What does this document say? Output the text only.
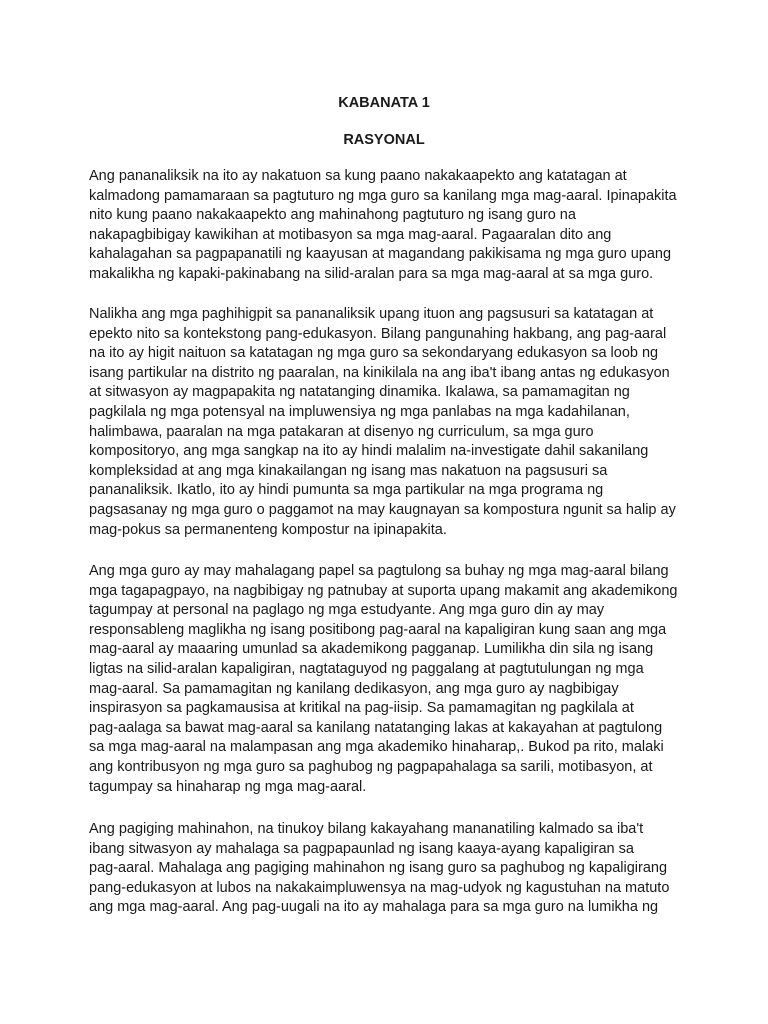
KABANATA 1
RASYONAL
Ang pananaliksik na ito ay nakatuon sa kung paano nakakaapekto ang katatagan at
kalmadong pamamaraan sa pagtuturo ng mga guro sa kanilang mga mag-aaral. Ipinapakita
nito kung paano nakakaapekto ang mahinahong pagtuturo ng isang guro na
nakapagbibigay kawikihan at motibasyon sa mga mag-aaral. Pagaaralan dito ang
kahalagahan sa pagpapanatili ng kaayusan at magandang pakikisama ng mga guro upang
makalikha ng kapaki-pakinabang na silid-aralan para sa mga mag-aaral at sa mga guro.
Nalikha ang mga paghihigpit sa pananaliksik upang ituon ang pagsusuri sa katatagan at
epekto nito sa kontekstong pang-edukasyon. Bilang pangunahing hakbang, ang pag-aaral
na ito ay higit naituon sa katatagan ng mga guro sa sekondaryang edukasyon sa loob ng
isang partikular na distrito ng paaralan, na kinikilala na ang iba't ibang antas ng edukasyon
at sitwasyon ay magpapakita ng natatanging dinamika. Ikalawa, sa pamamagitan ng
pagkilala ng mga potensyal na impluwensiya ng mga panlabas na mga kadahilanan,
halimbawa, paaralan na mga patakaran at disenyo ng curriculum, sa mga guro
kompositoryo, ang mga sangkap na ito ay hindi malalim na-investigate dahil sakanilang
kompleksidad at ang mga kinakailangan ng isang mas nakatuon na pagsusuri sa
pananaliksik. Ikatlo, ito ay hindi pumunta sa mga partikular na mga programa ng
pagsasanay ng mga guro o paggamot na may kaugnayan sa kompostura ngunit sa halip ay
mag-pokus sa permanenteng kompostur na ipinapakita.
Ang mga guro ay may mahalagang papel sa pagtulong sa buhay ng mga mag-aaral bilang
mga tagapagpayo, na nagbibigay ng patnubay at suporta upang makamit ang akademikong
tagumpay at personal na paglago ng mga estudyante. Ang mga guro din ay may
responsableng maglikha ng isang positibong pag-aaral na kapaligiran kung saan ang mga
mag-aaral ay maaaring umunlad sa akademikong pagganap. Lumilikha din sila ng isang
ligtas na silid-aralan kapaligiran, nagtataguyod ng paggalang at pagtutulungan ng mga
mag-aaral. Sa pamamagitan ng kanilang dedikasyon, ang mga guro ay nagbibigay
inspirasyon sa pagkamausisa at kritikal na pag-iisip. Sa pamamagitan ng pagkilala at
pag-aalaga sa bawat mag-aaral sa kanilang natatanging lakas at kakayahan at pagtulong
sa mga mag-aaral na malampasan ang mga akademiko hinaharap,. Bukod pa rito, malaki
ang kontribusyon ng mga guro sa paghubog ng pagpapahalaga sa sarili, motibasyon, at
tagumpay sa hinaharap ng mga mag-aaral.
Ang pagiging mahinahon, na tinukoy bilang kakayahang mananatiling kalmado sa iba't
ibang sitwasyon ay mahalaga sa pagpapaunlad ng isang kaaya-ayang kapaligiran sa
pag-aaral. Mahalaga ang pagiging mahinahon ng isang guro sa paghubog ng kapaligirang
pang-edukasyon at lubos na nakakaimpluwensya na mag-udyok ng kagustuhan na matuto
ang mga mag-aaral. Ang pag-uugali na ito ay mahalaga para sa mga guro na lumikha ng
